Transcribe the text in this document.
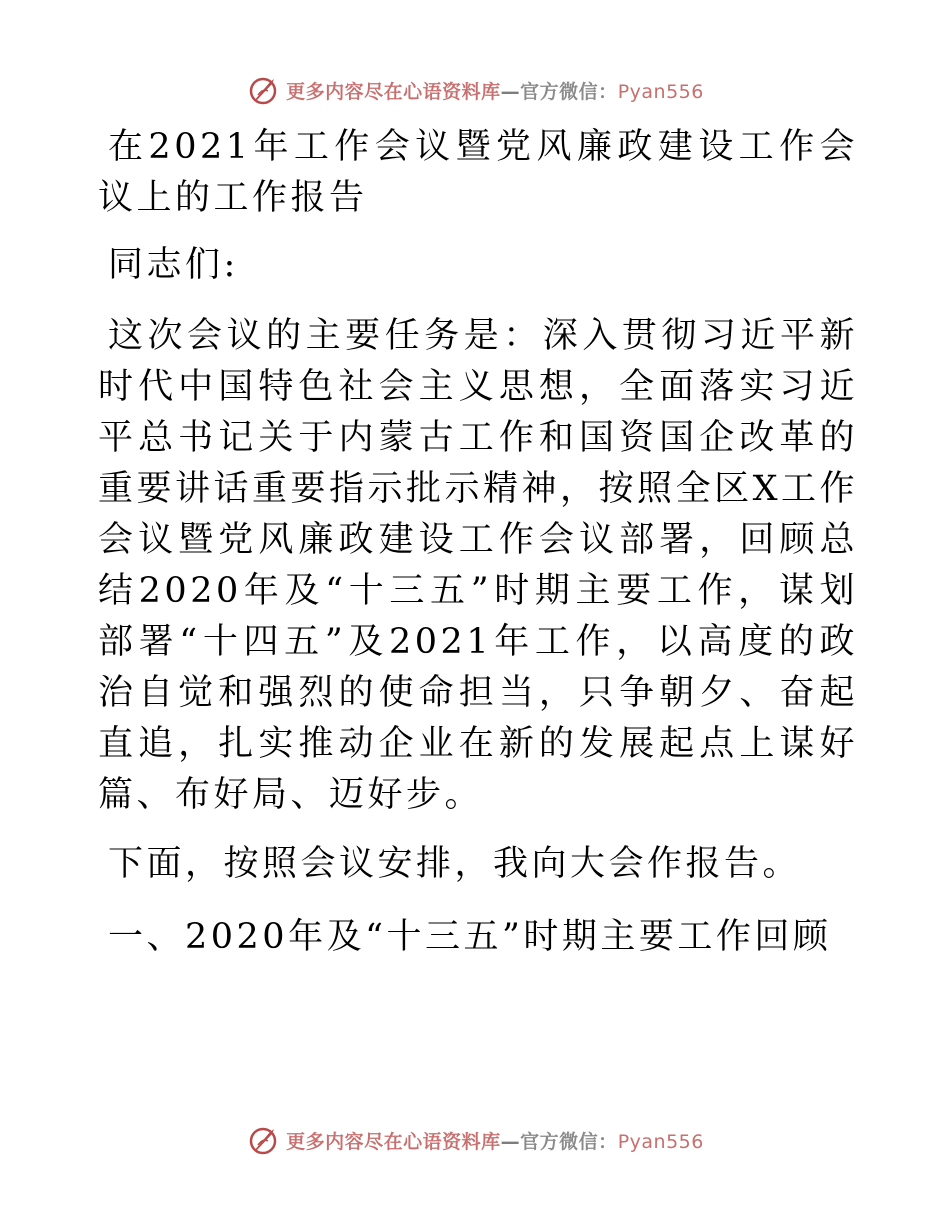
更多内容尽在心语资料库—官方微信：Pyan556

在2021年工作会议暨党风廉政建设工作会议上的工作报告

同志们:

这次会议的主要任务是：深入贯彻习近平新时代中国特色社会主义思想，全面落实习近平总书记关于内蒙古工作和国资国企改革的重要讲话重要指示批示精神，按照全区X工作会议暨党风廉政建设工作会议部署，回顾总结2020年及“十三五”时期主要工作，谋划部署“十四五”及2021年工作，以高度的政治自觉和强烈的使命担当，只争朝夕、奋起直追，扎实推动企业在新的发展起点上谋好篇、布好局、迈好步。

下面，按照会议安排，我向大会作报告。

一、2020年及“十三五”时期主要工作回顾

更多内容尽在心语资料库—官方微信：Pyan556
